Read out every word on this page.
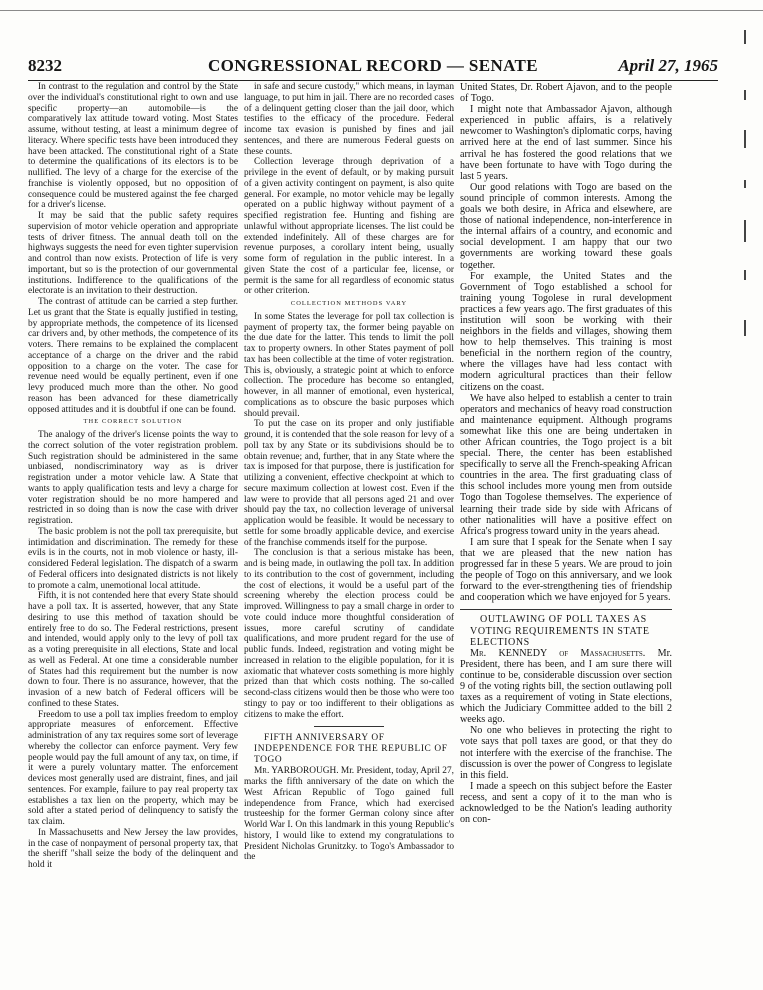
8232	CONGRESSIONAL RECORD — SENATE	April 27, 1965

In contrast to the regulation and control by the State over the individual's constitutional right to own and use specific property—an automobile—is the comparatively lax attitude toward voting. Most States assume, without testing, at least a minimum degree of literacy. Where specific tests have been introduced they have been attacked. The constitutional right of a State to determine the qualifications of its electors is to be nullified. The levy of a charge for the exercise of the franchise is violently opposed, but no opposition of consequence could be mustered against the fee charged for a driver's license.

It may be said that the public safety requires supervision of motor vehicle operation and appropriate tests of driver fitness. The annual death toll on the highways suggests the need for even tighter supervision and control than now exists. Protection of life is very important, but so is the protection of our governmental institutions. Indifference to the qualifications of the electorate is an invitation to their destruction.

The contrast of attitude can be carried a step further. Let us grant that the State is equally justified in testing, by appropriate methods, the competence of its licensed car drivers and, by other methods, the competence of its voters. There remains to be explained the complacent acceptance of a charge on the driver and the rabid opposition to a charge on the voter. The case for revenue need would be equally pertinent, even if one levy produced much more than the other. No good reason has been advanced for these diametrically opposed attitudes and it is doubtful if one can be found.

THE CORRECT SOLUTION

The analogy of the driver's license points the way to the correct solution of the voter registration problem. Such registration should be administered in the same unbiased, nondiscriminatory way as is driver registration under a motor vehicle law. A State that wants to apply qualification tests and levy a charge for voter registration should be no more hampered and restricted in so doing than is now the case with driver registration.

The basic problem is not the poll tax prerequisite, but intimidation and discrimination. The remedy for these evils is in the courts, not in mob violence or hasty, ill-considered Federal legislation. The dispatch of a swarm of Federal officers into designated districts is not likely to promote a calm, unemotional local attitude.

Fifth, it is not contended here that every State should have a poll tax. It is asserted, however, that any State desiring to use this method of taxation should be entirely free to do so. The Federal restrictions, present and intended, would apply only to the levy of poll tax as a voting prerequisite in all elections, State and local as well as Federal. At one time a considerable number of States had this requirement but the number is now down to four. There is no assurance, however, that the invasion of a new batch of Federal officers will be confined to these States.

Freedom to use a poll tax implies freedom to employ appropriate measures of enforcement. Effective administration of any tax requires some sort of leverage whereby the collector can enforce payment. Very few people would pay the full amount of any tax, on time, if it were a purely voluntary matter. The enforcement devices most generally used are distraint, fines, and jail sentences. For example, failure to pay real property tax establishes a tax lien on the property, which may be sold after a stated period of delinquency to satisfy the tax claim.

In Massachusetts and New Jersey the law provides, in the case of nonpayment of personal property tax, that the sheriff "shall seize the body of the delinquent and hold it

in safe and secure custody," which means, in layman language, to put him in jail. There are no recorded cases of a delinquent getting closer than the jail door, which testifies to the efficacy of the procedure. Federal income tax evasion is punished by fines and jail sentences, and there are numerous Federal guests on these counts.

Collection leverage through deprivation of a privilege in the event of default, or by making pursuit of a given activity contingent on payment, is also quite general. For example, no motor vehicle may be legally operated on a public highway without payment of a specified registration fee. Hunting and fishing are unlawful without appropriate licenses. The list could be extended indefinitely. All of these charges are for revenue purposes, a corollary intent being, usually some form of regulation in the public interest. In a given State the cost of a particular fee, license, or permit is the same for all regardless of economic status or other criterion.

COLLECTION METHODS VARY

In some States the leverage for poll tax collection is payment of property tax, the former being payable on the due date for the latter. This tends to limit the poll tax to property owners. In other States payment of poll tax has been collectible at the time of voter registration. This is, obviously, a strategic point at which to enforce collection. The procedure has become so entangled, however, in all manner of emotional, even hysterical, complications as to obscure the basic purposes which should prevail.

To put the case on its proper and only justifiable ground, it is contended that the sole reason for levy of a poll tax by any State or its subdivisions should be to obtain revenue; and, further, that in any State where the tax is imposed for that purpose, there is justification for utilizing a convenient, effective checkpoint at which to secure maximum collection at lowest cost. Even if the law were to provide that all persons aged 21 and over should pay the tax, no collection leverage of universal application would be feasible. It would be necessary to settle for some broadly applicable device, and exercise of the franchise commends itself for the purpose.

The conclusion is that a serious mistake has been, and is being made, in outlawing the poll tax. In addition to its contribution to the cost of government, including the cost of elections, it would be a useful part of the screening whereby the election process could be improved. Willingness to pay a small charge in order to vote could induce more thoughtful consideration of issues, more careful scrutiny of candidate qualifications, and more prudent regard for the use of public funds. Indeed, registration and voting might be increased in relation to the eligible population, for it is axiomatic that whatever costs something is more highly prized than that which costs nothing. The so-called second-class citizens would then be those who were too stingy to pay or too indifferent to their obligations as citizens to make the effort.

FIFTH ANNIVERSARY OF INDEPENDENCE FOR THE REPUBLIC OF TOGO

Mr. YARBOROUGH. Mr. President, today, April 27, marks the fifth anniversary of the date on which the West African Republic of Togo gained full independence from France, which had exercised trusteeship for the former German colony since after World War I. On this landmark in this young Republic's history, I would like to extend my congratulations to President Nicholas Grunitzky. to Togo's Ambassador to the

United States, Dr. Robert Ajavon, and to the people of Togo.

I might note that Ambassador Ajavon, although experienced in public affairs, is a relatively newcomer to Washington's diplomatic corps, having arrived here at the end of last summer. Since his arrival he has fostered the good relations that we have been fortunate to have with Togo during the last 5 years.

Our good relations with Togo are based on the sound principle of common interests. Among the goals we both desire, in Africa and elsewhere, are those of national independence, non-interference in the internal affairs of a country, and economic and social development. I am happy that our two governments are working toward these goals together.

For example, the United States and the Government of Togo established a school for training young Togolese in rural development practices a few years ago. The first graduates of this institution will soon be working with their neighbors in the fields and villages, showing them how to help themselves. This training is most beneficial in the northern region of the country, where the villages have had less contact with modern agricultural practices than their fellow citizens on the coast.

We have also helped to establish a center to train operators and mechanics of heavy road construction and maintenance equipment. Although programs somewhat like this one are being undertaken in other African countries, the Togo project is a bit special. There, the center has been established specifically to serve all the French-speaking African countries in the area. The first graduating class of this school includes more young men from outside Togo than Togolese themselves. The experience of learning their trade side by side with Africans of other nationalities will have a positive effect on Africa's progress toward unity in the years ahead.

I am sure that I speak for the Senate when I say that we are pleased that the new nation has progressed far in these 5 years. We are proud to join the people of Togo on this anniversary, and we look forward to the ever-strengthening ties of friendship and cooperation which we have enjoyed for 5 years.

OUTLAWING OF POLL TAXES AS VOTING REQUIREMENTS IN STATE ELECTIONS

Mr. KENNEDY of Massachusetts. Mr. President, there has been, and I am sure there will continue to be, considerable discussion over section 9 of the voting rights bill, the section outlawing poll taxes as a requirement of voting in State elections, which the Judiciary Committee added to the bill 2 weeks ago.

No one who believes in protecting the right to vote says that poll taxes are good, or that they do not interfere with the exercise of the franchise. The discussion is over the power of Congress to legislate in this field.

I made a speech on this subject before the Easter recess, and sent a copy of it to the man who is acknowledged to be the Nation's leading authority on con-
